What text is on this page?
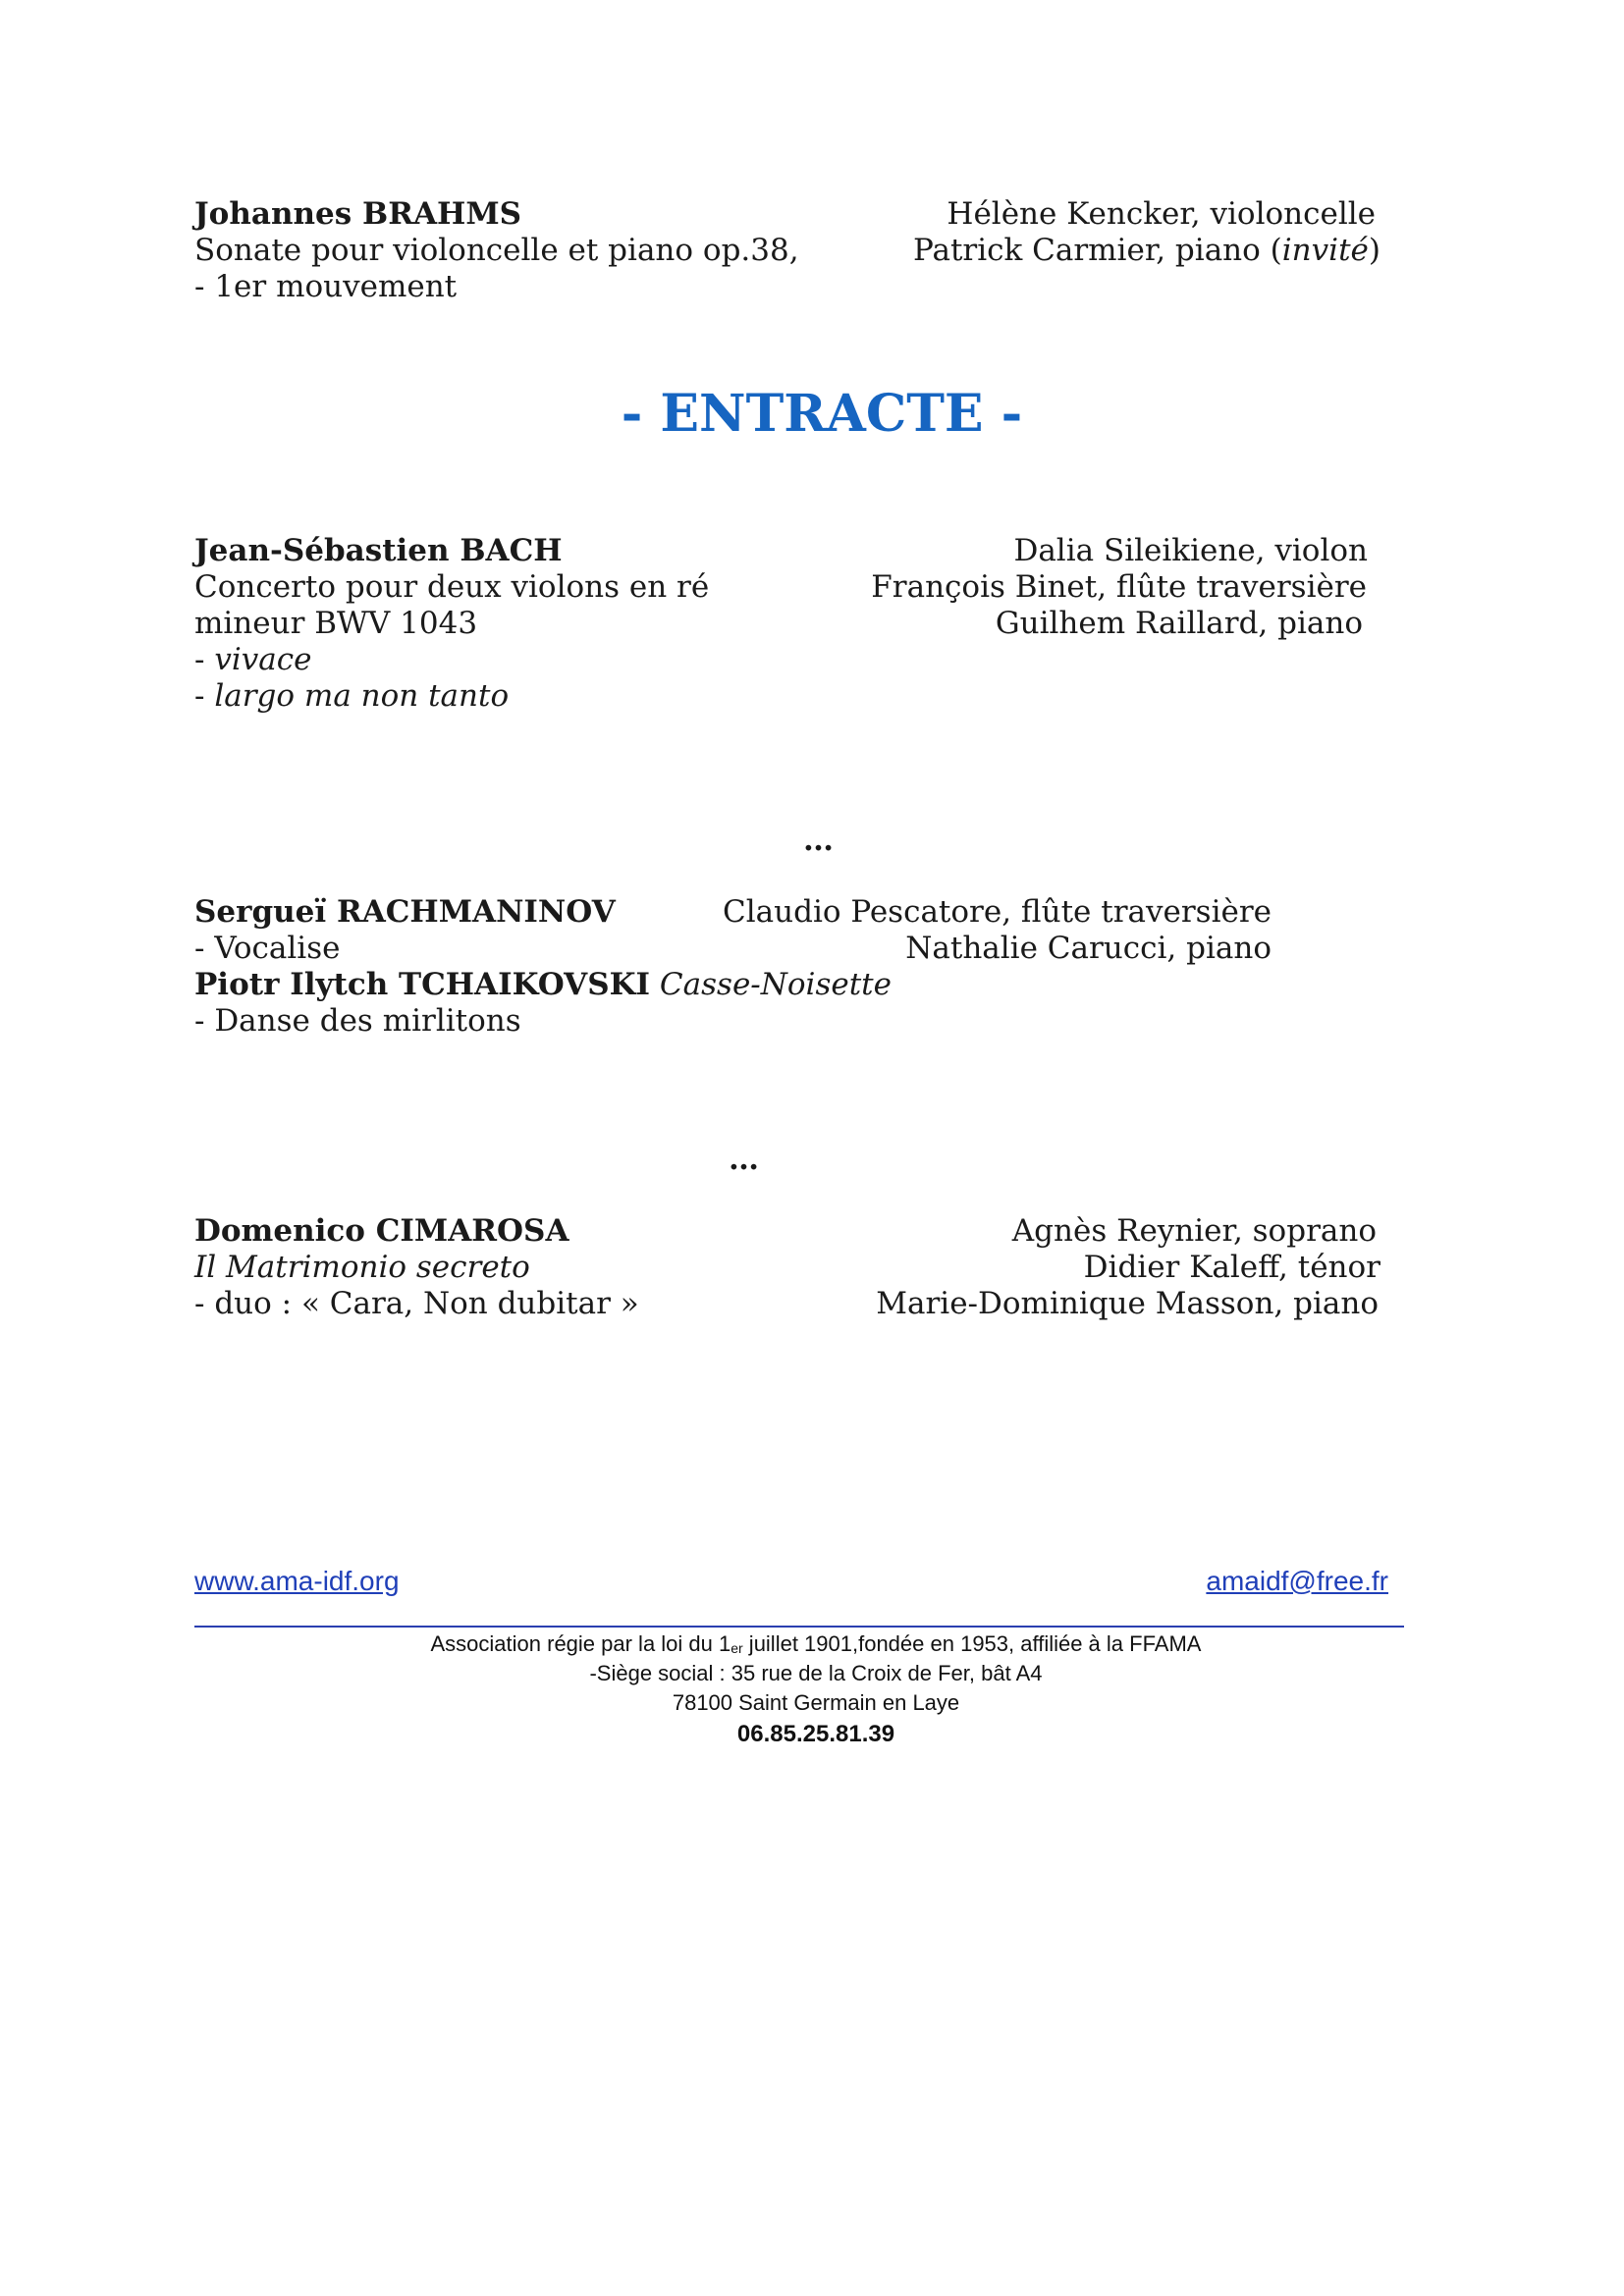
Johannes BRAHMS
Sonate pour violoncelle et piano op.38,
- 1er mouvement
Hélène Kencker, violoncelle
Patrick Carmier, piano (invité)
- ENTRACTE -
Jean-Sébastien BACH
Concerto pour deux violons en ré
mineur BWV 1043
- vivace
- largo ma non tanto
Dalia Sileikiene, violon
François Binet, flûte traversière
Guilhem Raillard, piano
…
Sergueï RACHMANINOV
- Vocalise
Piotr Ilytch TCHAIKOVSKI Casse-Noisette
- Danse des mirlitons
Claudio Pescatore, flûte traversière
Nathalie Carucci, piano
…
Domenico CIMAROSA
Il Matrimonio secreto
- duo : « Cara, Non dubitar »
Agnès Reynier, soprano
Didier Kaleff, ténor
Marie-Dominique Masson, piano
www.ama-idf.org	amaidf@free.fr
Association régie par la loi du $1_{er}$ juillet 1901,fondée en 1953, affiliée à la FFAMA
-Siège social : 35 rue de la Croix de Fer, bât A4
78100 Saint Germain en Laye
06.85.25.81.39
